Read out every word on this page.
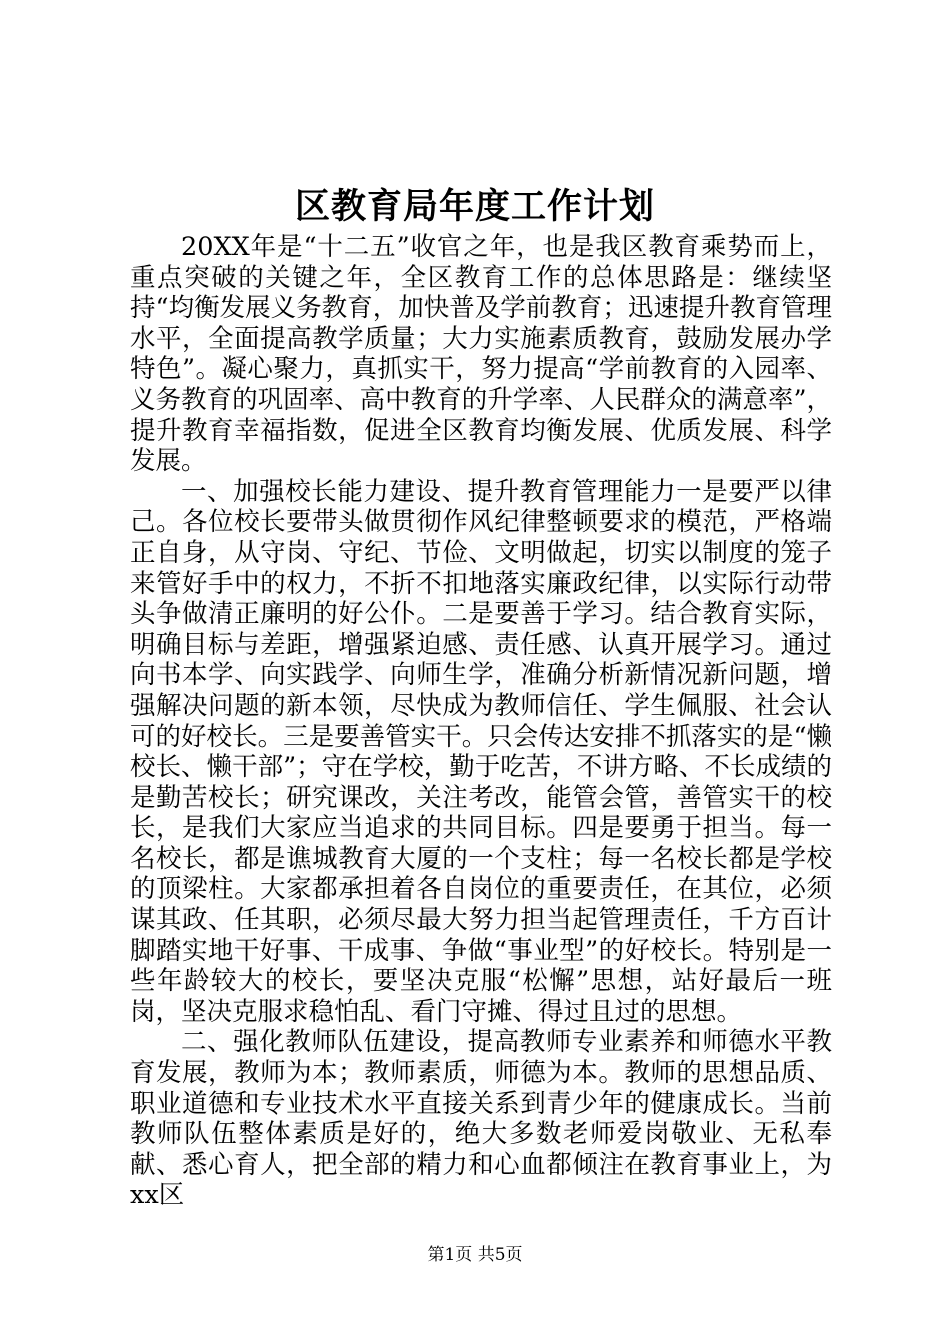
区教育局年度工作计划

20XX年是“十二五”收官之年，也是我区教育乘势而上，重点突破的关键之年，全区教育工作的总体思路是：继续坚持“均衡发展义务教育，加快普及学前教育；迅速提升教育管理水平，全面提高教学质量；大力实施素质教育，鼓励发展办学特色”。凝心聚力，真抓实干，努力提高“学前教育的入园率、义务教育的巩固率、高中教育的升学率、人民群众的满意率”，提升教育幸福指数，促进全区教育均衡发展、优质发展、科学发展。

一、加强校长能力建设、提升教育管理能力一是要严以律己。各位校长要带头做贯彻作风纪律整顿要求的模范，严格端正自身，从守岗、守纪、节俭、文明做起，切实以制度的笼子来管好手中的权力，不折不扣地落实廉政纪律，以实际行动带头争做清正廉明的好公仆。二是要善于学习。结合教育实际，明确目标与差距，增强紧迫感、责任感、认真开展学习。通过向书本学、向实践学、向师生学，准确分析新情况新问题，增强解决问题的新本领，尽快成为教师信任、学生佩服、社会认可的好校长。三是要善管实干。只会传达安排不抓落实的是“懒校长、懒干部”；守在学校，勤于吃苦，不讲方略、不长成绩的是勤苦校长；研究课改，关注考改，能管会管，善管实干的校长，是我们大家应当追求的共同目标。四是要勇于担当。每一名校长，都是谯城教育大厦的一个支柱；每一名校长都是学校的顶梁柱。大家都承担着各自岗位的重要责任，在其位，必须谋其政、任其职，必须尽最大努力担当起管理责任，千方百计脚踏实地干好事、干成事、争做“事业型”的好校长。特别是一些年龄较大的校长，要坚决克服“松懈”思想，站好最后一班岗，坚决克服求稳怕乱、看门守摊、得过且过的思想。

二、强化教师队伍建设，提高教师专业素养和师德水平教育发展，教师为本；教师素质，师德为本。教师的思想品质、职业道德和专业技术水平直接关系到青少年的健康成长。当前教师队伍整体素质是好的，绝大多数老师爱岗敬业、无私奉献、悉心育人，把全部的精力和心血都倾注在教育事业上，为xx区

第1页 共5页
